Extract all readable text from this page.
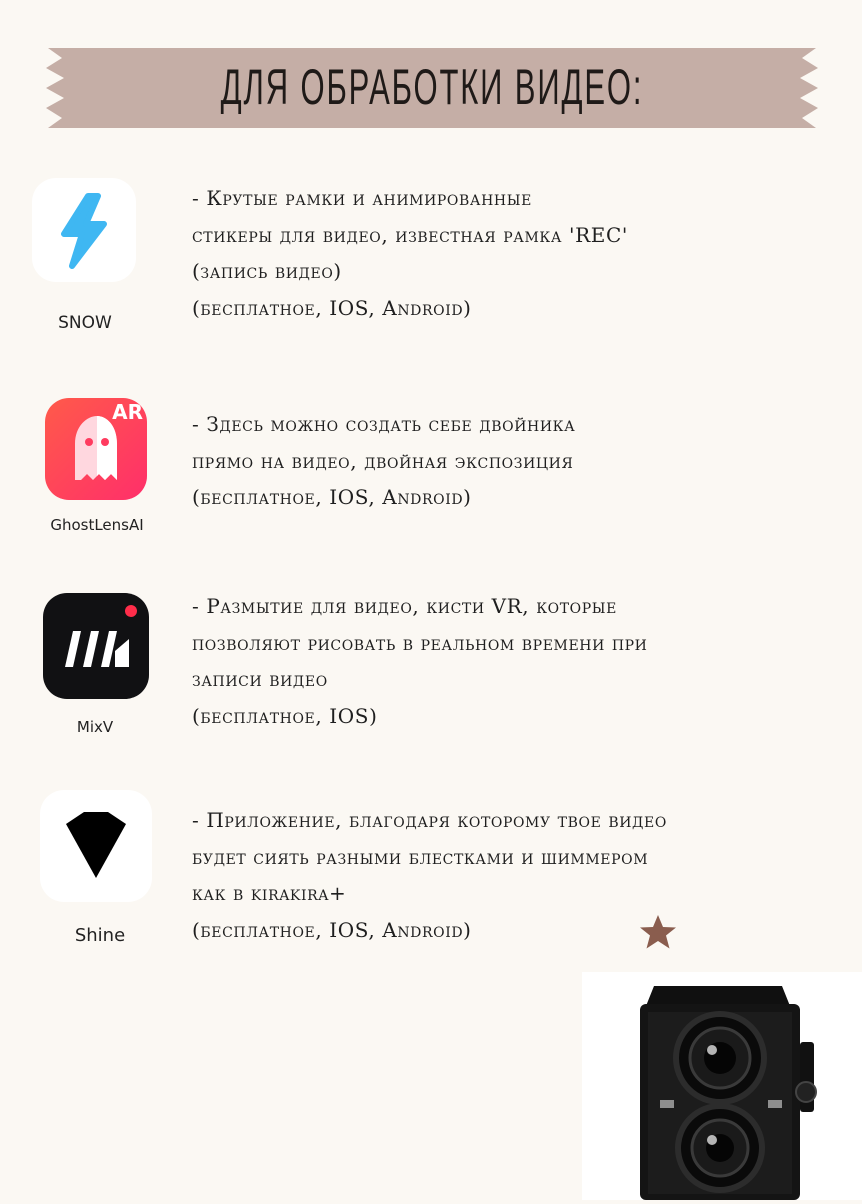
ДЛЯ ОБРАБОТКИ ВИДЕО:
SNOW
- Крутые рамки и анимированные
стикеры для видео, известная рамка 'REC'
(запись видео)
(бесплатное, IOS, Android)
AR
GhostLensAI
- Здесь можно создать себе двойника
прямо на видео, двойная экспозиция
(бесплатное, IOS, Android)
MixV
- Размытие для видео, кисти VR, которые
позволяют рисовать в реальном времени при
записи видео
(бесплатное, IOS)
Shine
- Приложение, благодаря которому твое видео
будет сиять разными блестками и шиммером
как в kirakira+
(бесплатное, IOS, Android)
